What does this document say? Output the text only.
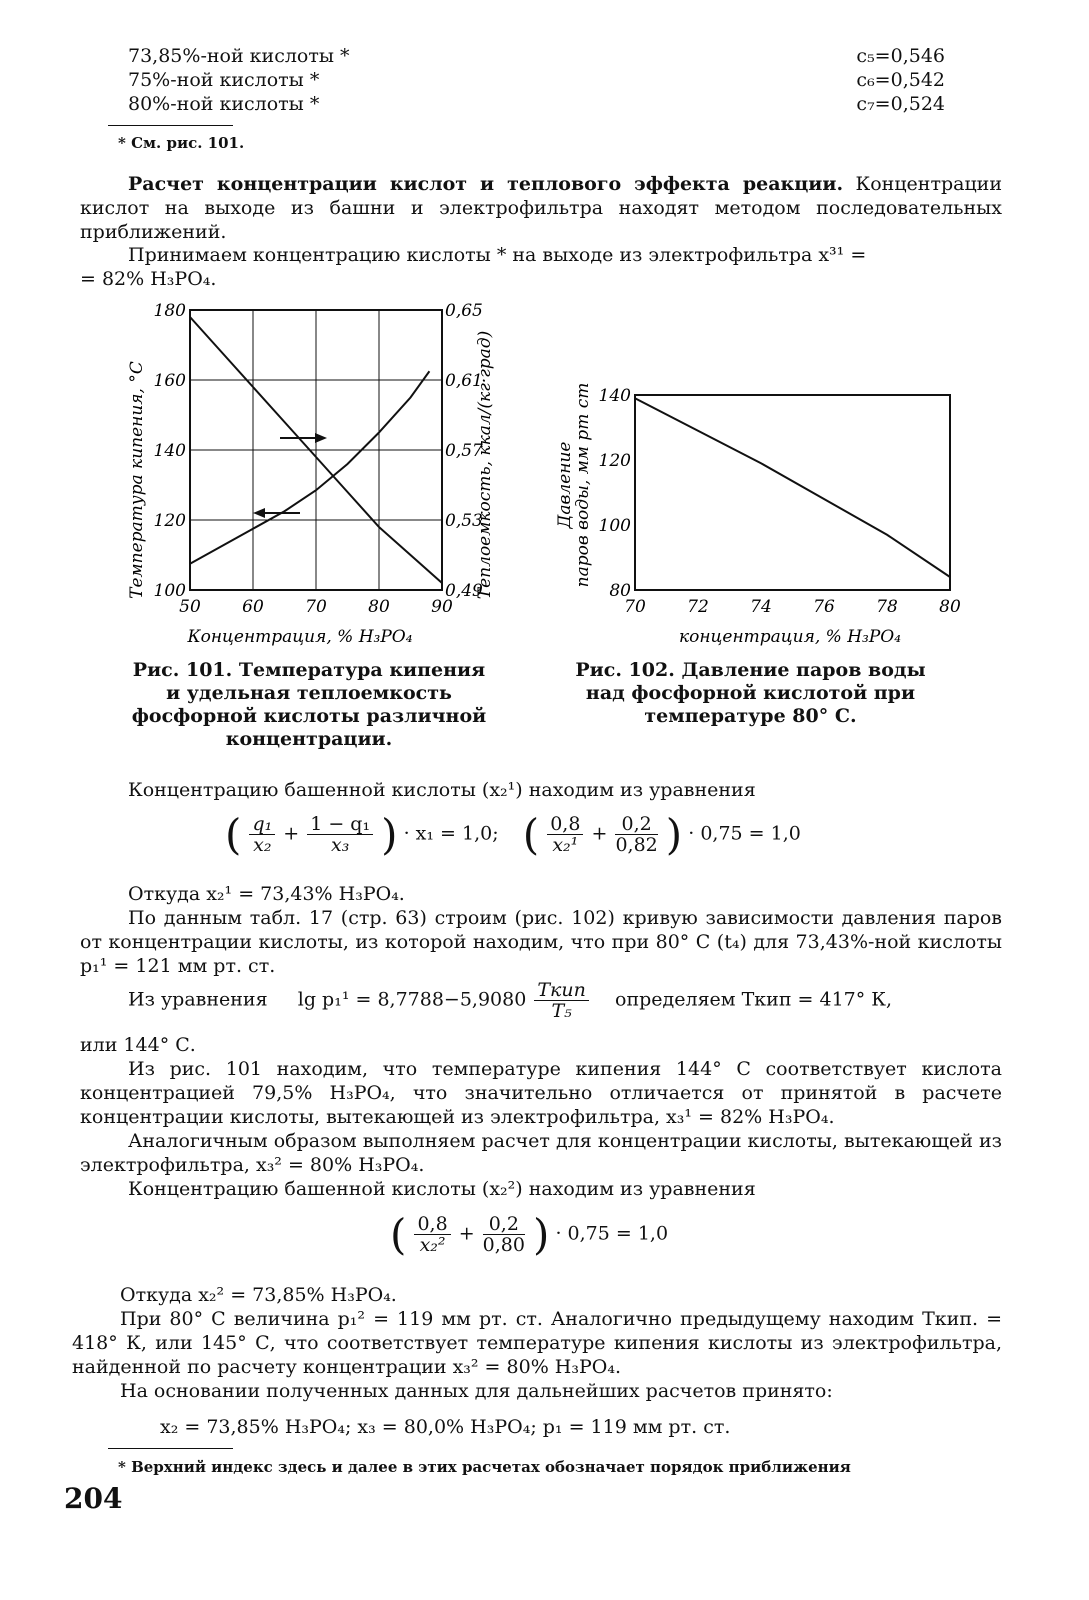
73,85%-ной кислоты *	c₅=0,546
75%-ной кислоты *	c₆=0,542
80%-ной кислоты *	c₇=0,524
* См. рис. 101.
Расчет концентрации кислот и теплового эффекта реакции. Концентрации кислот на выходе из башни и электрофильтра находят методом последовательных приближений.
Принимаем концентрацию кислоты * на выходе из электрофильтра x³¹ =
= 82% H₃PO₄.
50 60 70 80 90
100
120
140
160
180
0,49
0,53
0,57
0,61
0,65
Температура кипения, °С	Теплоемкость, ккал/(кг·град)
Концентрация, % H₃PO₄
70 72 74 76 78 80
80
100
120
140
Давление
паров воды, мм рт ст
концентрация, % H₃PO₄
Рис. 101. Температура кипения и удельная теплоемкость фосфорной кислоты различной концентрации.
Рис. 102. Давление паров воды над фосфорной кислотой при температуре 80° С.
Концентрацию башенной кислоты (x₂¹) находим из уравнения
( $\frac{\text{q₁}}{\text{x₂}} + \frac{\text{1 − q₁}}{\text{x₃}}$ ) · x₁ = 1,0; ( $\frac{0,8}{\text{x₂¹}} + \frac{0,2}{0,82}$ ) · 0,75 = 1,0
Откуда x₂¹ = 73,43% H₃PO₄.
По данным табл. 17 (стр. 63) строим (рис. 102) кривую зависимости давления паров от концентрации кислоты, из которой находим, что при 80° С (t₄) для 73,43%-ной кислоты p₁¹ = 121 мм рт. ст.
Из уравнения $\lg p_1^1 = 8,7788-5,9080 \frac{\text{Tкип}}{\text{T₅}}$ определяем Tкип = 417° К,
или 144° С.
Из рис. 101 находим, что температуре кипения 144° С соответствует кислота концентрацией 79,5% H₃PO₄, что значительно отличается от принятой в расчете концентрации кислоты, вытекающей из электрофильтра, x₃¹ = 82% H₃PO₄.
Аналогичным образом выполняем расчет для концентрации кислоты, вытекающей из электрофильтра, x₃² = 80% H₃PO₄.
Концентрацию башенной кислоты (x₂²) находим из уравнения
( $\frac{0,8}{\text{x₂²}} + \frac{0,2}{0,80}$ ) · 0,75 = 1,0
Откуда x₂² = 73,85% H₃PO₄.
При 80° С величина p₁² = 119 мм рт. ст. Аналогично предыдущему находим Tкип. = 418° К, или 145° С, что соответствует температуре кипения кислоты из электрофильтра, найденной по расчету концентрации x₃² = 80% H₃PO₄.
На основании полученных данных для дальнейших расчетов принято:
x₂ = 73,85% H₃PO₄; x₃ = 80,0% H₃PO₄; p₁ = 119 мм рт. ст.
* Верхний индекс здесь и далее в этих расчетах обозначает порядок приближения
204
